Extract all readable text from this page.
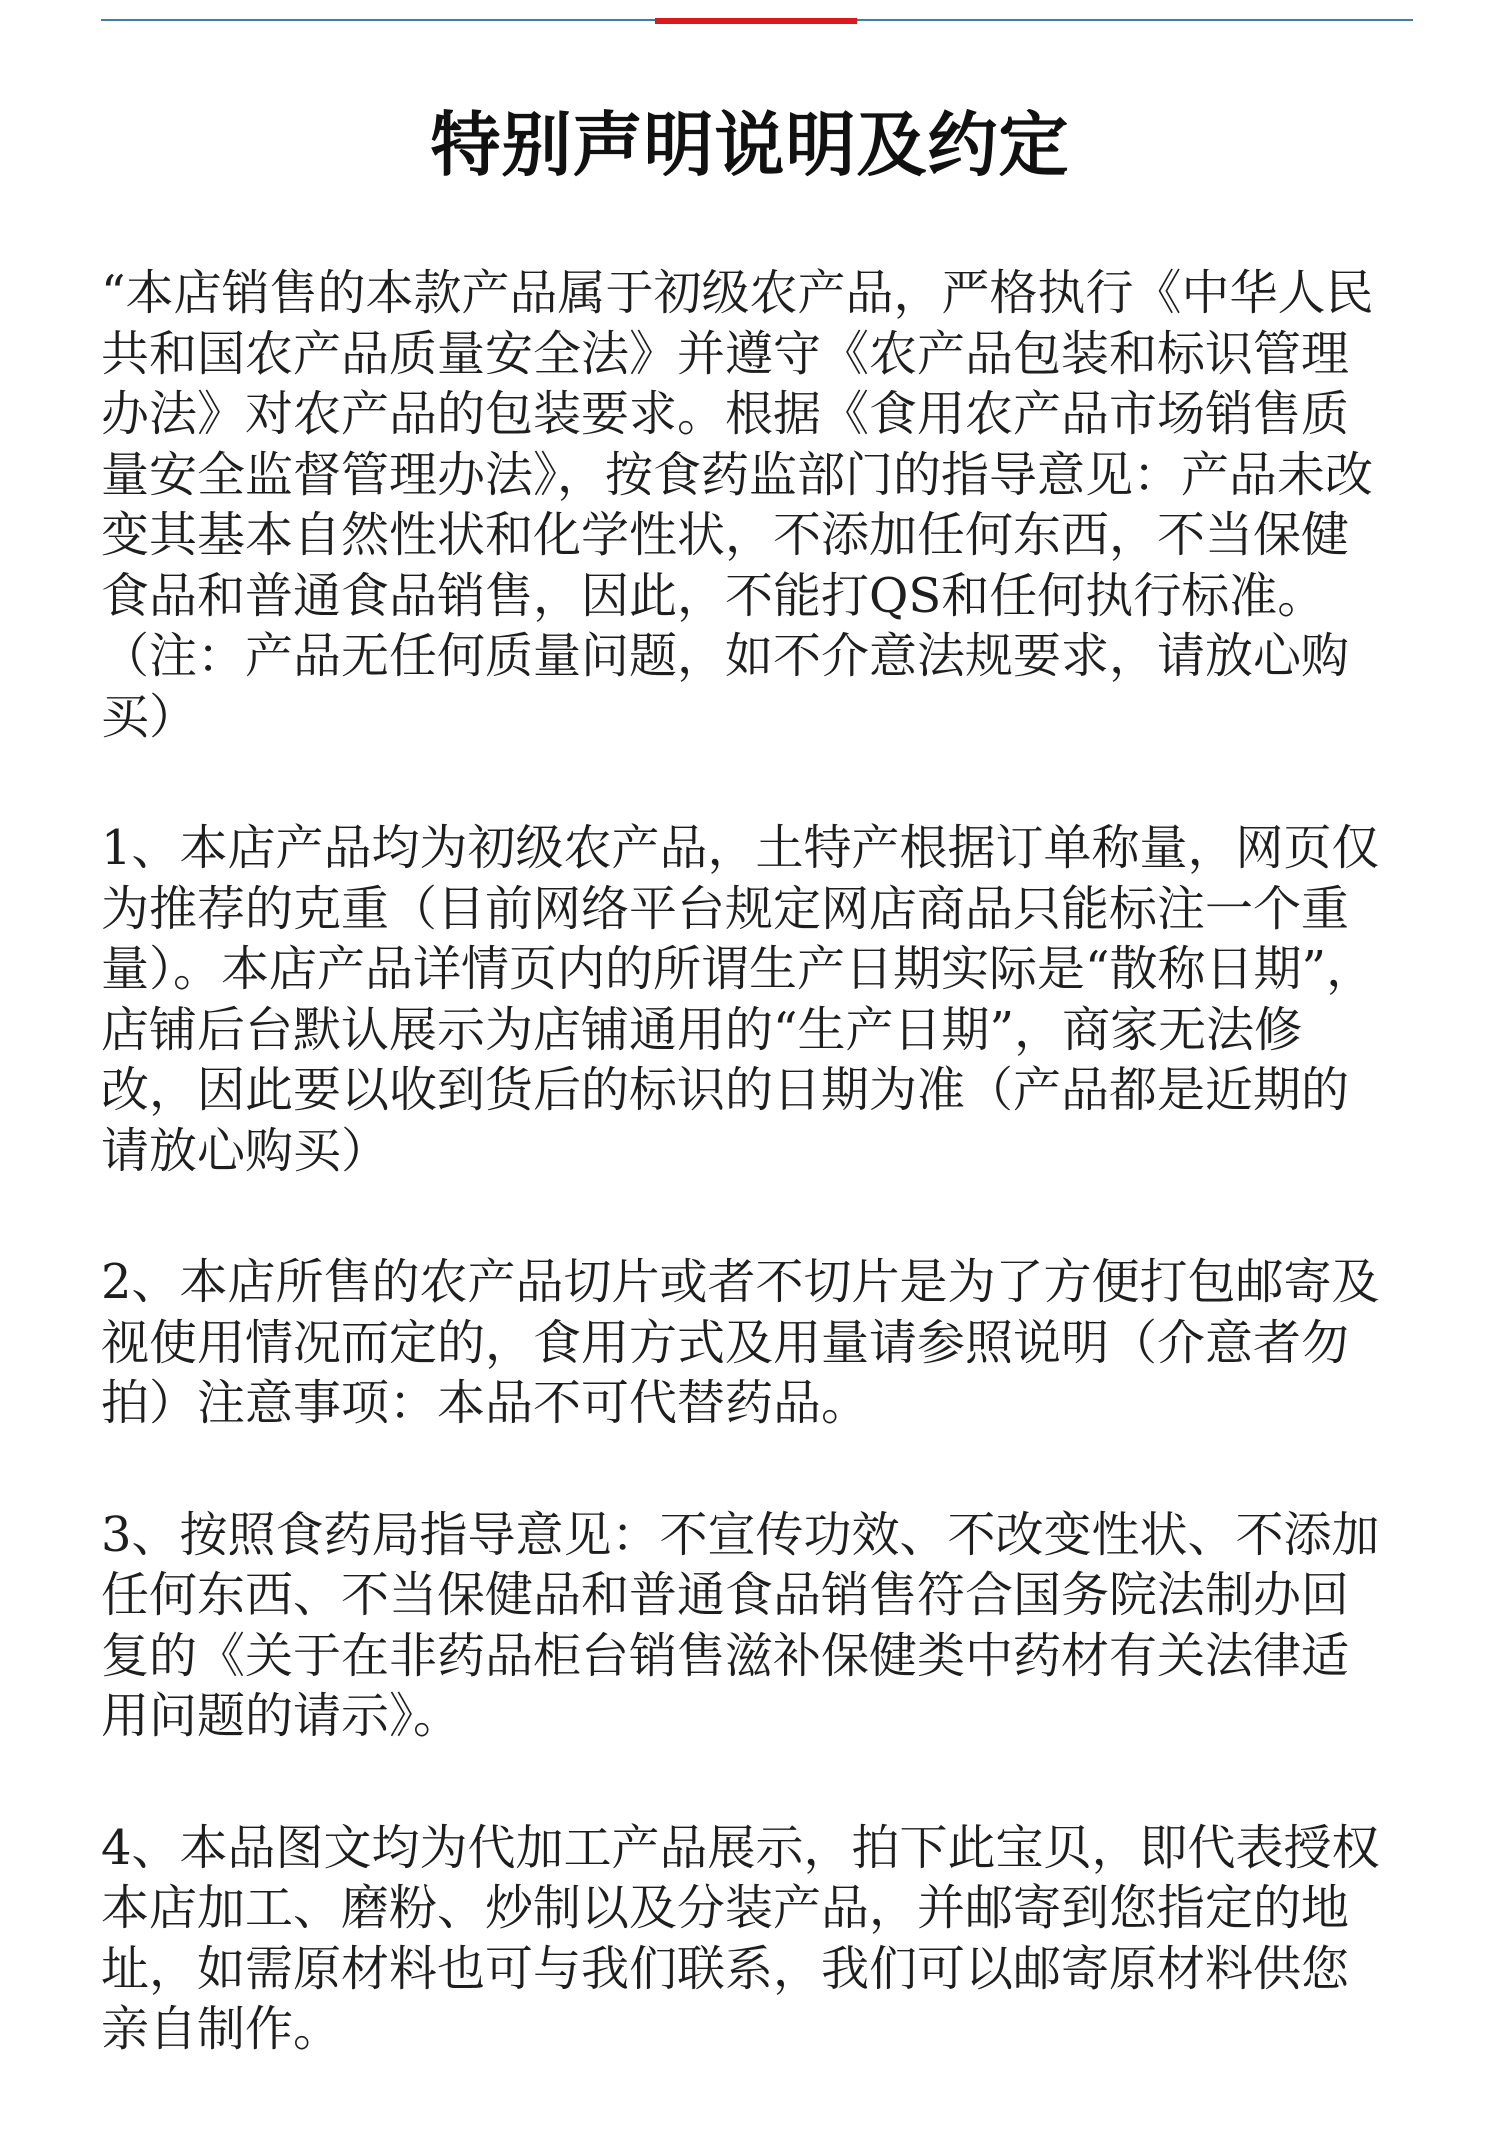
特别声明说明及约定

“本店销售的本款产品属于初级农产品，严格执行《中华人民共和国农产品质量安全法》并遵守《农产品包装和标识管理办法》对农产品的包装要求。根据《食用农产品市场销售质量安全监督管理办法》，按食药监部门的指导意见：产品未改变其基本自然性状和化学性状，不添加任何东西，不当保健食品和普通食品销售，因此，不能打QS和任何执行标准。（注：产品无任何质量问题，如不介意法规要求，请放心购买）

1、本店产品均为初级农产品，土特产根据订单称量，网页仅为推荐的克重（目前网络平台规定网店商品只能标注一个重量）。本店产品详情页内的所谓生产日期实际是“散称日期”，店铺后台默认展示为店铺通用的“生产日期”，商家无法修改，因此要以收到货后的标识的日期为准（产品都是近期的请放心购买）

2、本店所售的农产品切片或者不切片是为了方便打包邮寄及视使用情况而定的，食用方式及用量请参照说明（介意者勿拍）注意事项：本品不可代替药品。

3、按照食药局指导意见：不宣传功效、不改变性状、不添加任何东西、不当保健品和普通食品销售符合国务院法制办回复的《关于在非药品柜台销售滋补保健类中药材有关法律适用问题的请示》。

4、本品图文均为代加工产品展示，拍下此宝贝，即代表授权本店加工、磨粉、炒制以及分装产品，并邮寄到您指定的地址，如需原材料也可与我们联系，我们可以邮寄原材料供您亲自制作。
